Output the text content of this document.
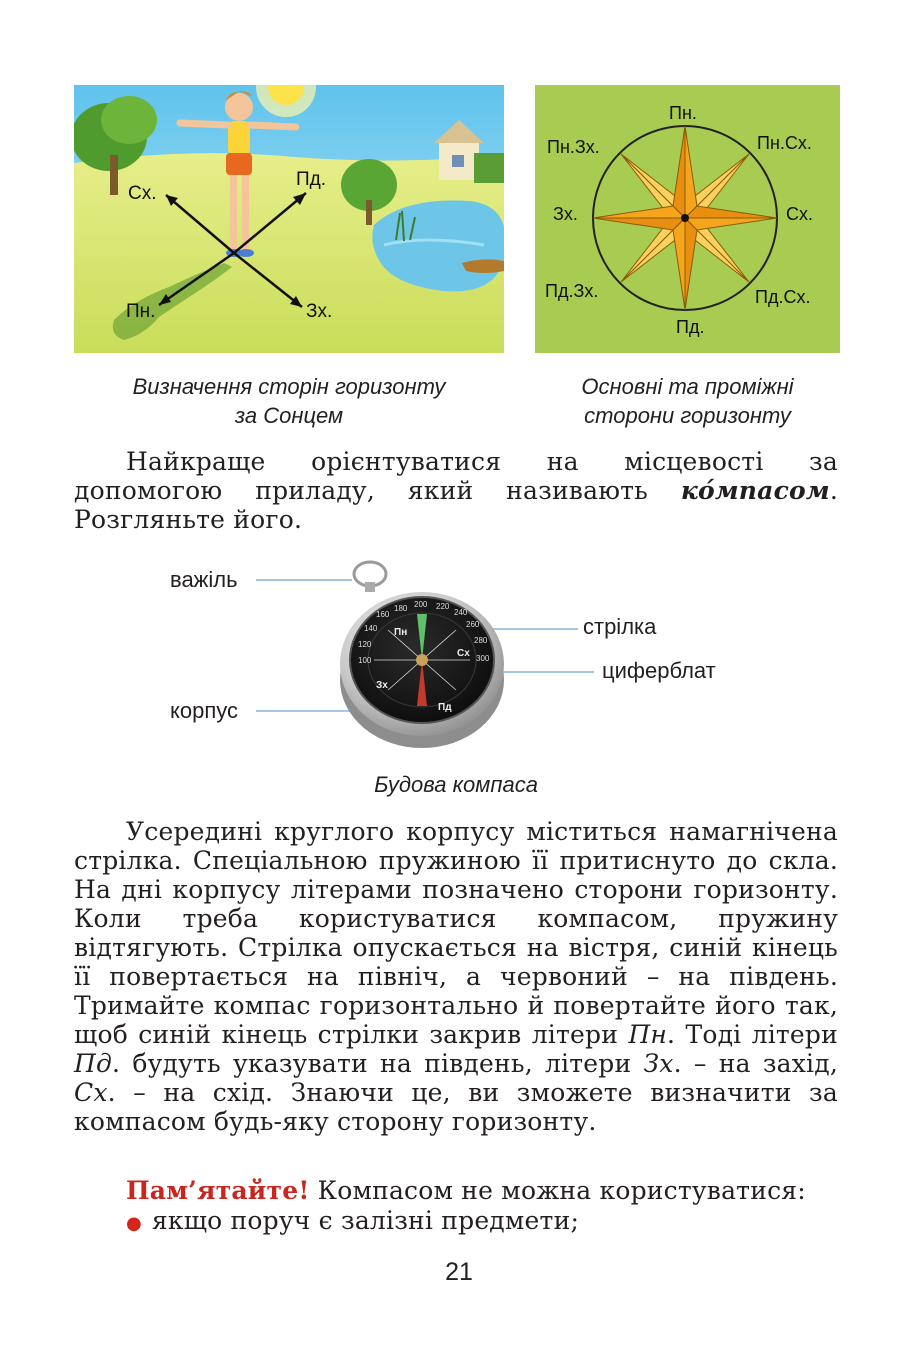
Сх.
Пд.
Пн.	Зх.
Визначення сторін горизонту
за Сонцем
Пн.
Пн.Сх.
Сх.
Пд.Сх.
Пд.
Пд.Зх.
Зх.
Пн.Зх.
Основні та проміжні
сторони горизонту

Найкраще орієнтуватися на місцевості за допомогою приладу, який називають ко́мпасом. Розгляньте його.

180 200 220
240
260
280
300
160
140
120
100
Пн
Сх
Пд
Зх
важіль
стрілка
циферблат
корпус
Будова компаса

Усередині круглого корпусу міститься намагнічена стрілка. Спеціальною пружиною її притиснуто до скла. На дні корпусу літерами позначено сторони горизонту. Коли треба користуватися компасом, пружину відтягують. Стрілка опускається на вістря, синій кінець її повертається на північ, а червоний – на південь. Тримайте компас горизонтально й повертайте його так, щоб синій кінець стрілки закрив літери Пн. Тоді літери Пд. будуть указувати на південь, літери Зх. – на захід, Сх. – на схід. Знаючи це, ви зможете визначити за компасом будь-яку сторону горизонту.

Пам’ятайте! Компасом не можна користуватися:

● якщо поруч є залізні предмети;
21
